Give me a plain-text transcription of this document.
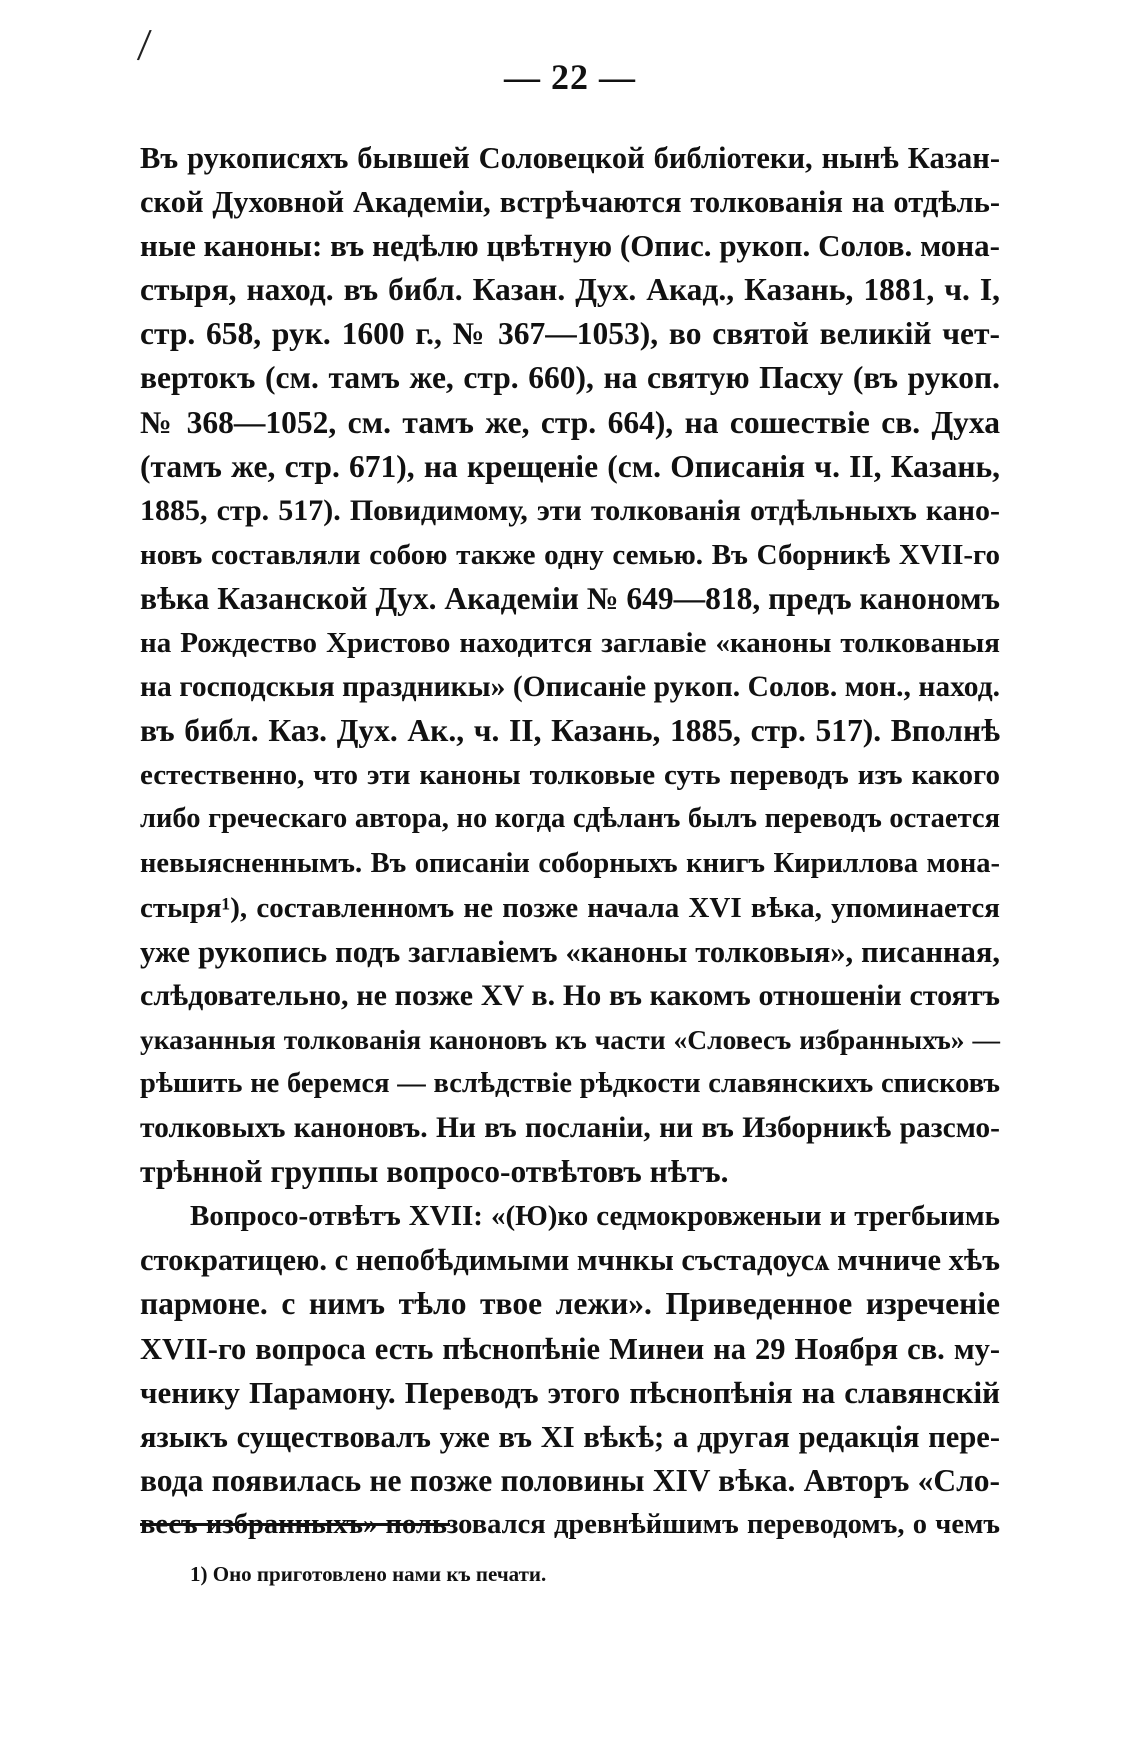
/
— 22 —
Въ рукописяхъ бывшей Соловецкой библіотеки, нынѣ Казан-
ской Духовной Академіи, встрѣчаются толкованія на отдѣль-
ные каноны: въ недѣлю цвѣтную (Опис. рукоп. Солов. мона-
стыря, наход. въ библ. Казан. Дух. Акад., Казань, 1881, ч. I,
стр. 658, рук. 1600 г., № 367—1053), во святой великій чет-
вертокъ (см. тамъ же, стр. 660), на святую Пасху (въ рукоп.
№ 368—1052, см. тамъ же, стр. 664), на сошествіе св. Духа
(тамъ же, стр. 671), на крещеніе (см. Описанія ч. II, Казань,
1885, стр. 517). Повидимому, эти толкованія отдѣльныхъ кано-
новъ составляли собою также одну семью. Въ Сборникѣ XVII-го
вѣка Казанской Дух. Академіи № 649—818, предъ канономъ
на Рождество Христово находится заглавіе «каноны толкованыя
на господскыя праздникы» (Описаніе рукоп. Солов. мон., наход.
въ библ. Каз. Дух. Ак., ч. II, Казань, 1885, стр. 517). Вполнѣ
естественно, что эти каноны толковые суть переводъ изъ какого
либо греческаго автора, но когда сдѣланъ былъ переводъ остается
невыясненнымъ. Въ описаніи соборныхъ книгъ Кириллова мона-
стыря¹), составленномъ не позже начала XVI вѣка, упоминается
уже рукопись подъ заглавіемъ «каноны толковыя», писанная,
слѣдовательно, не позже XV в. Но въ какомъ отношеніи стоятъ
указанныя толкованія каноновъ къ части «Словесъ избранныхъ» —
рѣшить не беремся — вслѣдствіе рѣдкости славянскихъ списковъ
толковыхъ каноновъ. Ни въ посланіи, ни въ Изборникѣ разсмо-
трѣнной группы вопросо-отвѣтовъ нѣтъ.
Вопросо-отвѣтъ XVII: «(Ю)ко седмокровженыи и трегбыимь
стократицею. с непобѣдимыми мчнкы състадоусѧ мчниче хѣъ
пармоне. с нимъ тѣло твое лежи». Приведенное изреченіе
XVII-го вопроса есть пѣснопѣніе Минеи на 29 Ноября св. му-
ченику Парамону. Переводъ этого пѣснопѣнія на славянскій
языкъ существовалъ уже въ XI вѣкѣ; а другая редакція пере-
вода появилась не позже половины XIV вѣка. Авторъ «Сло-
весъ избранныхъ» пользовался древнѣйшимъ переводомъ, о чемъ
1) Оно приготовлено нами къ печати.
